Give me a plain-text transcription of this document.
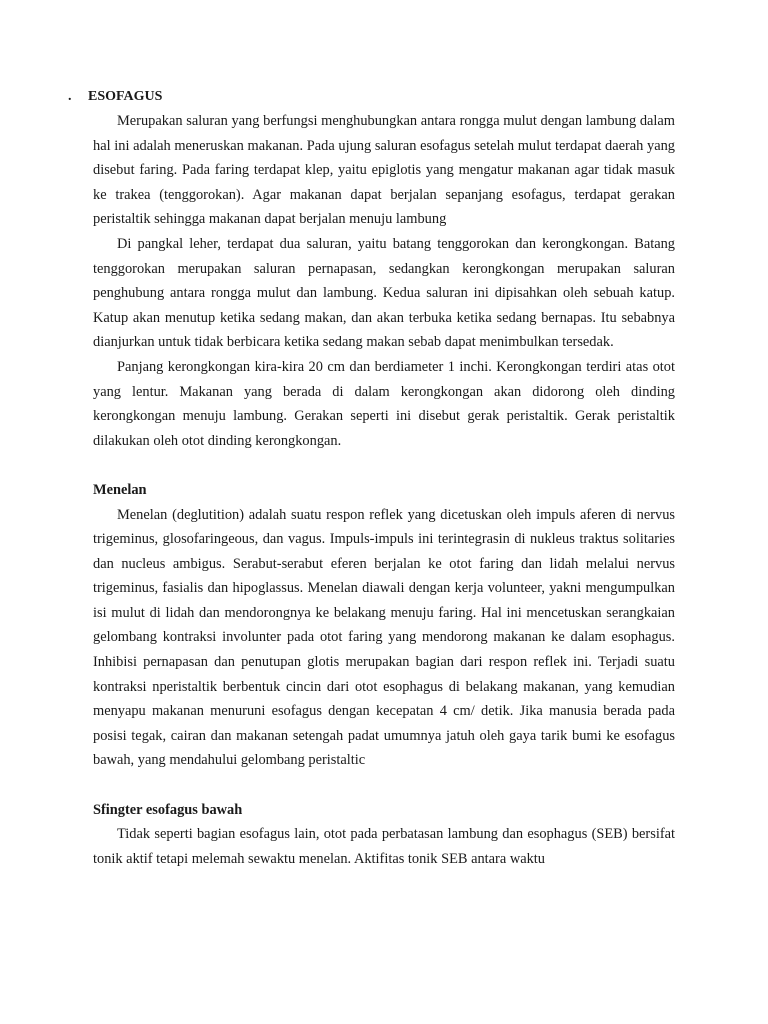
. ESOFAGUS

Merupakan saluran yang berfungsi menghubungkan antara rongga mulut dengan lambung dalam hal ini adalah meneruskan makanan. Pada ujung saluran esofagus setelah mulut terdapat daerah yang disebut faring. Pada faring terdapat klep, yaitu epiglotis yang mengatur makanan agar tidak masuk ke trakea (tenggorokan). Agar makanan dapat berjalan sepanjang esofagus, terdapat gerakan peristaltik sehingga makanan dapat berjalan menuju lambung

Di pangkal leher, terdapat dua saluran, yaitu batang tenggorokan dan kerongkongan. Batang tenggorokan merupakan saluran pernapasan, sedangkan kerongkongan merupakan saluran penghubung antara rongga mulut dan lambung. Kedua saluran ini dipisahkan oleh sebuah katup. Katup akan menutup ketika sedang makan, dan akan terbuka ketika sedang bernapas. Itu sebabnya dianjurkan untuk tidak berbicara ketika sedang makan sebab dapat menimbulkan tersedak.

Panjang kerongkongan kira-kira 20 cm dan berdiameter 1 inchi. Kerongkongan terdiri atas otot yang lentur. Makanan yang berada di dalam kerongkongan akan didorong oleh dinding kerongkongan menuju lambung. Gerakan seperti ini disebut gerak peristaltik. Gerak peristaltik dilakukan oleh otot dinding kerongkongan.

Menelan

Menelan (deglutition) adalah suatu respon reflek yang dicetuskan oleh impuls aferen di nervus trigeminus, glosofaringeous, dan vagus. Impuls-impuls ini terintegrasin di nukleus traktus solitaries dan nucleus ambigus. Serabut-serabut eferen berjalan ke otot faring dan lidah melalui nervus trigeminus, fasialis dan hipoglassus. Menelan diawali dengan kerja volunteer, yakni mengumpulkan isi mulut di lidah dan mendorongnya ke belakang menuju faring. Hal ini mencetuskan serangkaian gelombang kontraksi involunter pada otot faring yang mendorong makanan ke dalam esophagus. Inhibisi pernapasan dan penutupan glotis merupakan bagian dari respon reflek ini. Terjadi suatu kontraksi nperistaltik berbentuk cincin dari otot esophagus di belakang makanan, yang kemudian menyapu makanan menuruni esofagus dengan kecepatan 4 cm/ detik. Jika manusia berada pada posisi tegak, cairan dan makanan setengah padat umumnya jatuh oleh gaya tarik bumi ke esofagus bawah, yang mendahului gelombang peristaltic

Sfingter esofagus bawah

Tidak seperti bagian esofagus lain, otot pada perbatasan lambung dan esophagus (SEB) bersifat tonik aktif tetapi melemah sewaktu menelan. Aktifitas tonik SEB antara waktu
